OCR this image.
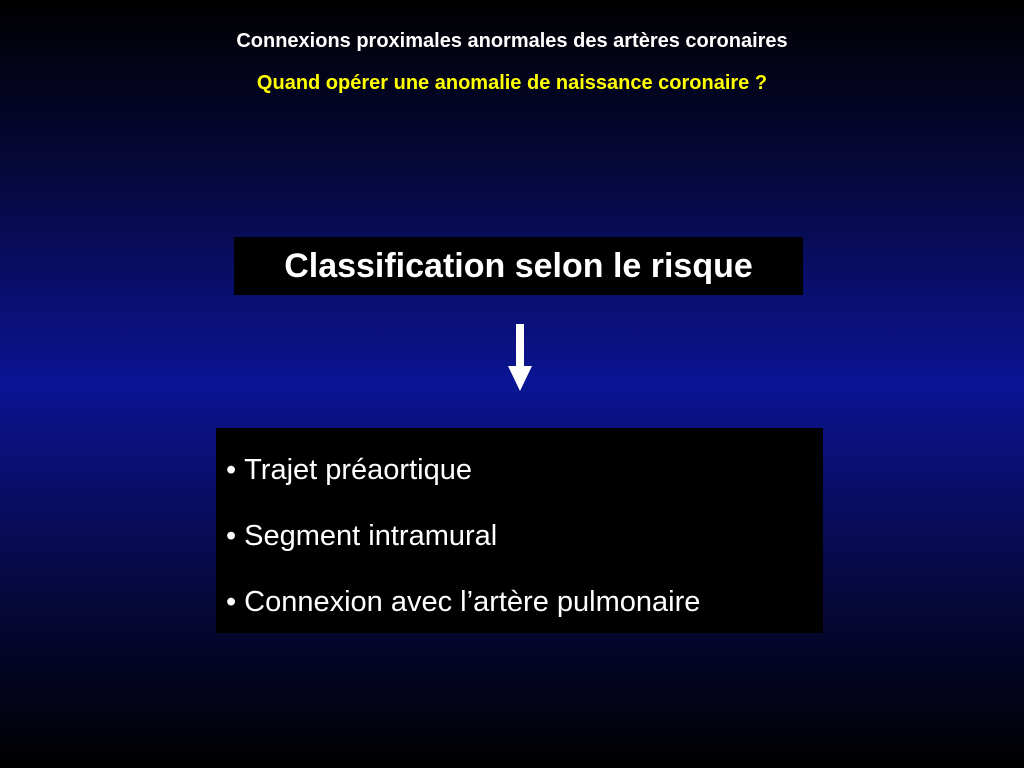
Connexions proximales anormales des artères coronaires
Quand opérer une anomalie de naissance coronaire ?
Classification selon le risque
• Trajet préaortique
• Segment intramural
• Connexion avec l’artère pulmonaire
